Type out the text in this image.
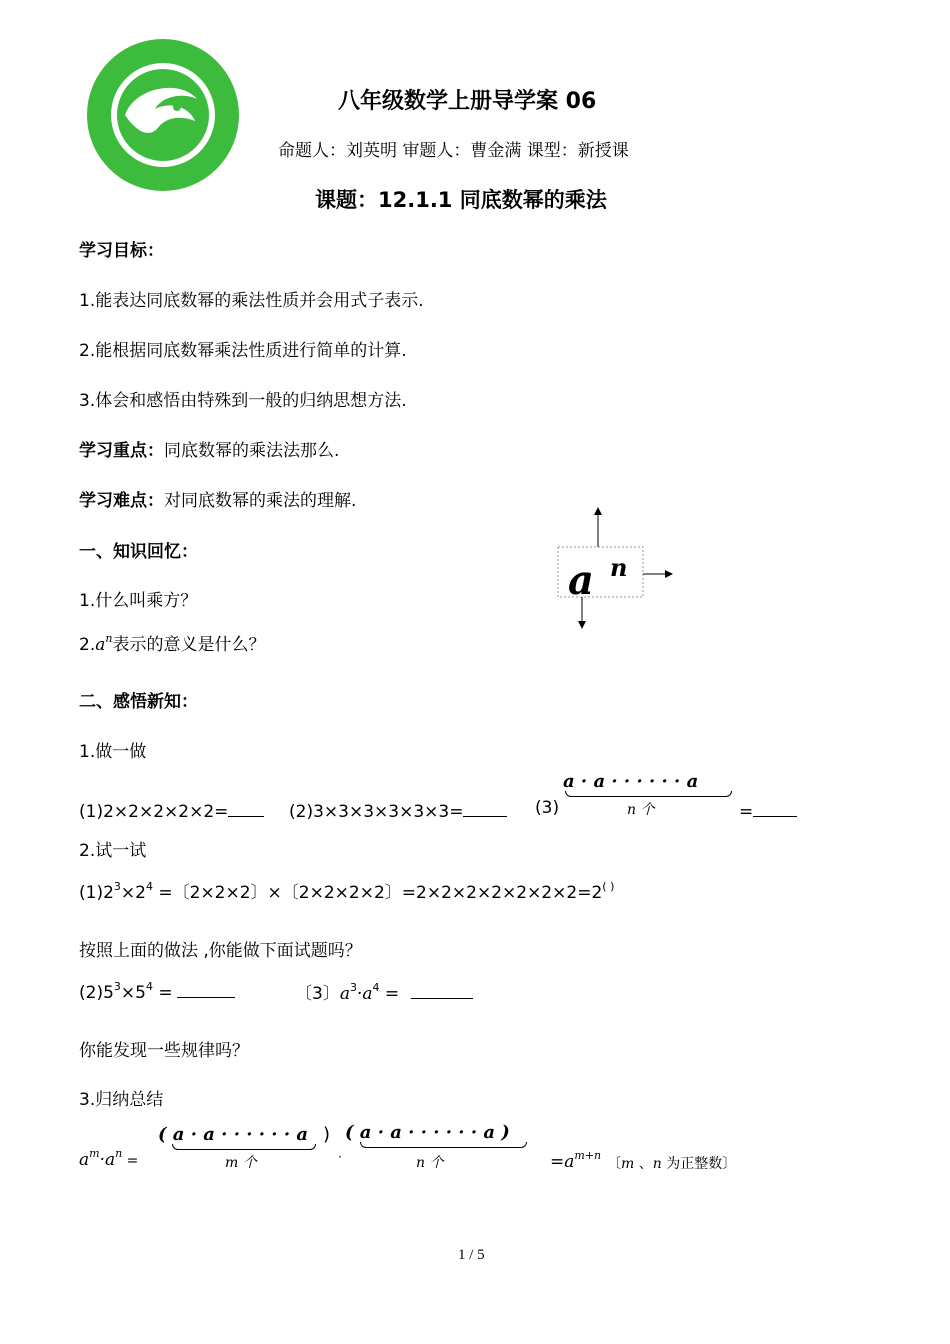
八年级数学上册导学案 06
命题人：刘英明 审题人：曹金满 课型：新授课
课题：12.1.1 同底数幂的乘法
学习目标：
1.能表达同底数幂的乘法性质并会用式子表示.
2.能根据同底数幂乘法性质进行简单的计算.
3.体会和感悟由特殊到一般的归纳思想方法.
学习重点：同底数幂的乘法法那么.
学习难点：对同底数幂的乘法的理解.
一、知识回忆：
1.什么叫乘方？
$2.a^n$表示的意义是什么？
a n
二、感悟新知：
1.做一做
(1)2×2×2×2×2=	(2)3×3×3×3×3×3=	(3)
a · a · · · · · · a
n 个	=
2.试一试
$(1)2^3\times 2^4$ =〔2×2×2〕×〔2×2×2×2〕=2×2×2×2×2×2×2=2( )
按照上面的做法 ,你能做下面试题吗？
$(2)5^3\times 5^4$ =	〔3〕$a^3\cdot a^4$ =
你能发现一些规律吗？
3.归纳总结
$a^m\cdot a^n$ =
( a · a · · · · · · a )
m 个	·
( a · a · · · · · · a )
n 个	$=a^{m+n}$
〔m 、n 为正整数〕
1 / 5
